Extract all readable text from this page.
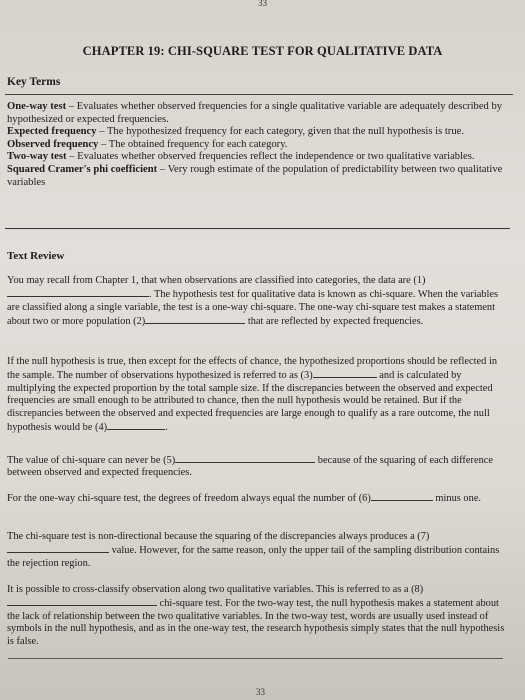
33
CHAPTER 19: CHI-SQUARE TEST FOR QUALITATIVE DATA
Key Terms

One-way test – Evaluates whether observed frequencies for a single qualitative variable are adequately described by hypothesized or expected frequencies.

Expected frequency – The hypothesized frequency for each category, given that the null hypothesis is true.

Observed frequency – The obtained frequency for each category.

Two-way test – Evaluates whether observed frequencies reflect the independence or two qualitative variables.

Squared Cramer's phi coefficient – Very rough estimate of the population of predictability between two qualitative variables

Text Review
You may recall from Chapter 1, that when observations are classified into categories, the data are (1). The hypothesis test for qualitative data is known as chi-square. When the variables are classified along a single variable, the test is a one-way chi-square. The one-way chi-square test makes a statement about two or more population (2)	that are reflected by expected frequencies.
If the null hypothesis is true, then except for the effects of chance, the hypothesized proportions should be reflected in the sample. The number of observations hypothesized is referred to as (3)	and is calculated by multiplying the expected proportion by the total sample size. If the discrepancies between the observed and expected frequencies are small enough to be attributed to chance, then the null hypothesis would be retained. But if the discrepancies between the observed and expected frequencies are large enough to qualify as a rare outcome, the null hypothesis would be (4)	.
The value of chi-square can never be (5)	because of the squaring of each difference between observed and expected frequencies.
For the one-way chi-square test, the degrees of freedom always equal the number of (6)	minus one.
The chi-square test is non-directional because the squaring of the discrepancies always produces a (7) value. However, for the same reason, only the upper tail of the sampling distribution contains the rejection region.
It is possible to cross-classify observation along two qualitative variables. This is referred to as a (8) chi-square test. For the two-way test, the null hypothesis makes a statement about the lack of relationship between the two qualitative variables. In the two-way test, words are usually used instead of symbols in the null hypothesis, and as in the one-way test, the research hypothesis simply states that the null hypothesis is false.
33
